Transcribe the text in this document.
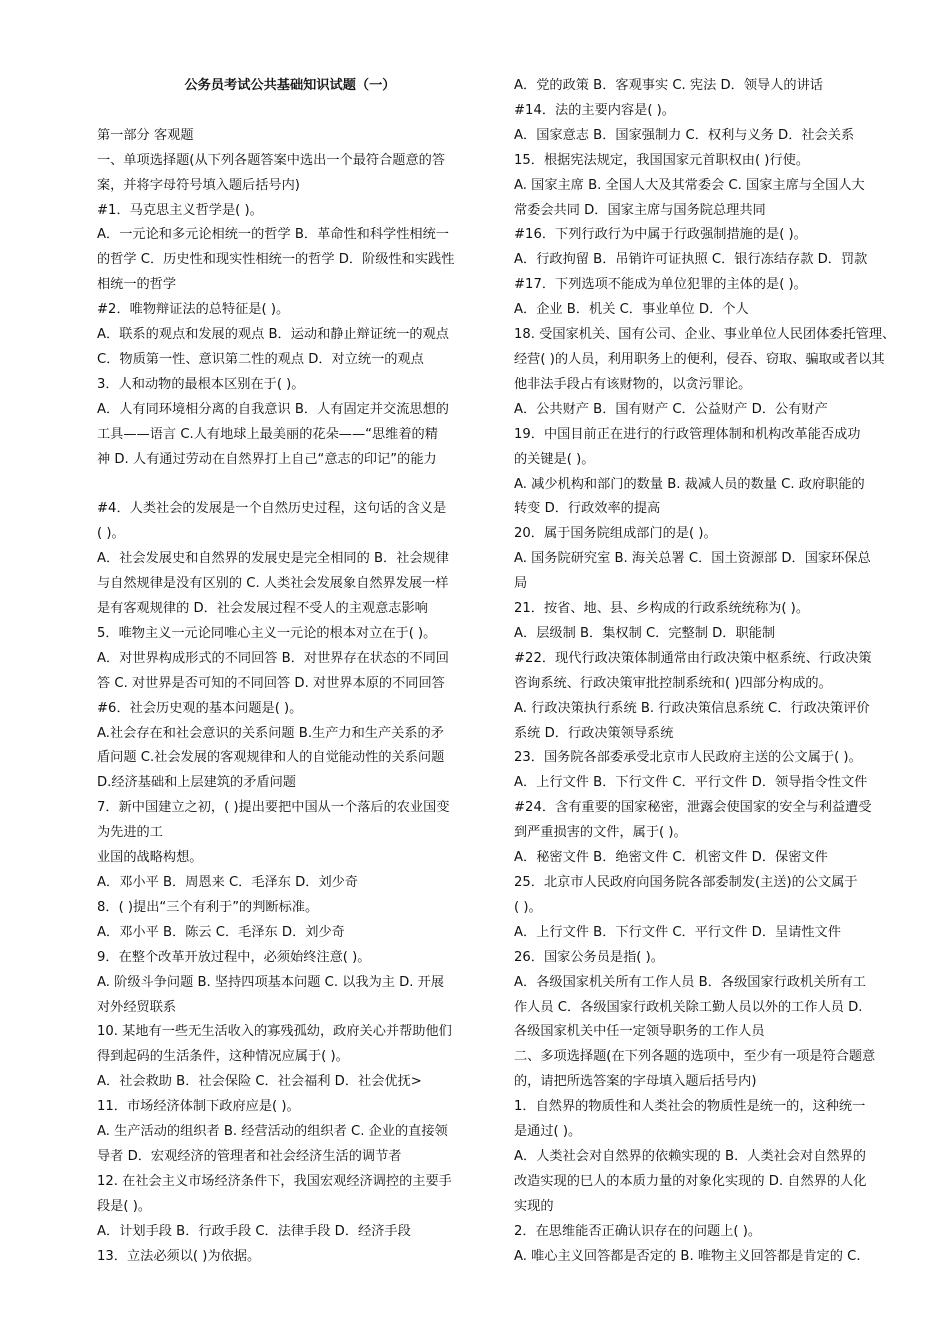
公务员考试公共基础知识试题（一）
第一部分 客观题
一、单项选择题(从下列各题答案中选出一个最符合题意的答
案，并将字母符号填入题后括号内)
#1．马克思主义哲学是( )。
A．一元论和多元论相统一的哲学 B．革命性和科学性相统一
的哲学 C．历史性和现实性相统一的哲学 D．阶级性和实践性
相统一的哲学
#2．唯物辩证法的总特征是( )。
A．联系的观点和发展的观点 B．运动和静止辩证统一的观点
C．物质第一性、意识第二性的观点 D．对立统一的观点
3．人和动物的最根本区别在于( )。
A．人有同环境相分离的自我意识 B．人有固定并交流思想的
工具——语言 C.人有地球上最美丽的花朵——“思维着的精
神 D. 人有通过劳动在自然界打上自己“意志的印记”的能力
#4．人类社会的发展是一个自然历史过程，这句话的含义是
( )。
A．社会发展史和自然界的发展史是完全相同的 B．社会规律
与自然规律是没有区别的 C. 人类社会发展象自然界发展一样
是有客观规律的 D．社会发展过程不受人的主观意志影响
5．唯物主义一元论同唯心主义一元论的根本对立在于( )。
A．对世界构成形式的不同回答 B．对世界存在状态的不同回
答 C. 对世界是否可知的不同回答 D. 对世界本原的不同回答
#6．社会历史观的基本问题是( )。
A.社会存在和社会意识的关系问题 B.生产力和生产关系的矛
盾问题 C.社会发展的客观规律和人的自觉能动性的关系问题
D.经济基础和上层建筑的矛盾问题
7．新中国建立之初，( )提出要把中国从一个落后的农业国变
为先进的工
业国的战略构想。
A．邓小平 B．周恩来 C．毛泽东 D．刘少奇
8．( )提出“三个有利于”的判断标准。
A．邓小平 B．陈云 C．毛泽东 D．刘少奇
9．在整个改革开放过程中，必须始终注意( )。
A. 阶级斗争问题 B. 坚持四项基本问题 C. 以我为主 D. 开展
对外经贸联系
10. 某地有一些无生活收入的寡残孤幼，政府关心并帮助他们
得到起码的生活条件，这种情况应属于( )。
A．社会救助 B．社会保险 C．社会福利 D．社会优抚>
11．市场经济体制下政府应是( )。
A. 生产活动的组织者 B. 经营活动的组织者 C. 企业的直接领
导者 D．宏观经济的管理者和社会经济生活的调节者
12. 在社会主义市场经济条件下，我国宏观经济调控的主要手
段是( )。
A．计划手段 B．行政手段 C．法律手段 D．经济手段
13．立法必须以( )为依据。
A．党的政策 B．客观事实 C. 宪法 D．领导人的讲话
#14．法的主要内容是( )。
A．国家意志 B．国家强制力 C．权利与义务 D．社会关系
15．根据宪法规定，我国国家元首职权由( )行使。
A. 国家主席 B. 全国人大及其常委会 C. 国家主席与全国人大
常委会共同 D．国家主席与国务院总理共同
#16．下列行政行为中属于行政强制措施的是( )。
A．行政拘留 B．吊销许可证执照 C．银行冻结存款 D．罚款
#17．下列选项不能成为单位犯罪的主体的是( )。
A．企业 B．机关 C．事业单位 D．个人
18. 受国家机关、国有公司、企业、事业单位人民团体委托管理、
经营( )的人员，利用职务上的便利，侵吞、窃取、骗取或者以其
他非法手段占有该财物的，以贪污罪论。
A．公共财产 B．国有财产 C．公益财产 D．公有财产
19．中国目前正在进行的行政管理体制和机构改革能否成功
的关键是( )。
A. 减少机构和部门的数量 B. 裁减人员的数量 C. 政府职能的
转变 D．行政效率的提高
20．属于国务院组成部门的是( )。
A. 国务院研究室 B. 海关总署 C．国土资源部 D．国家环保总
局
21．按省、地、县、乡构成的行政系统统称为( )。
A．层级制 B．集权制 C．完整制 D．职能制
#22．现代行政决策体制通常由行政决策中枢系统、行政决策
咨询系统、行政决策审批控制系统和( )四部分构成的。
A. 行政决策执行系统 B. 行政决策信息系统 C．行政决策评价
系统 D．行政决策领导系统
23．国务院各部委承受北京市人民政府主送的公文属于( )。
A．上行文件 B．下行文件 C．平行文件 D．领导指令性文件
#24．含有重要的国家秘密，泄露会使国家的安全与利益遭受
到严重损害的文件，属于( )。
A．秘密文件 B．绝密文件 C．机密文件 D．保密文件
25．北京市人民政府向国务院各部委制发(主送)的公文属于
( )。
A．上行文件 B．下行文件 C．平行文件 D．呈请性文件
26．国家公务员是指( )。
A．各级国家机关所有工作人员 B．各级国家行政机关所有工
作人员 C．各级国家行政机关除工勤人员以外的工作人员 D.
各级国家机关中任一定领导职务的工作人员
二、多项选择题(在下列各题的选项中，至少有一项是符合题意
的，请把所选答案的字母填入题后括号内)
1．自然界的物质性和人类社会的物质性是统一的，这种统一
是通过( )。
A．人类社会对自然界的依赖实现的 B．人类社会对自然界的
改造实现的巳人的本质力量的对象化实现的 D. 自然界的人化
实现的
2．在思维能否正确认识存在的问题上( )。
A. 唯心主义回答都是否定的 B. 唯物主义回答都是肯定的 C.
